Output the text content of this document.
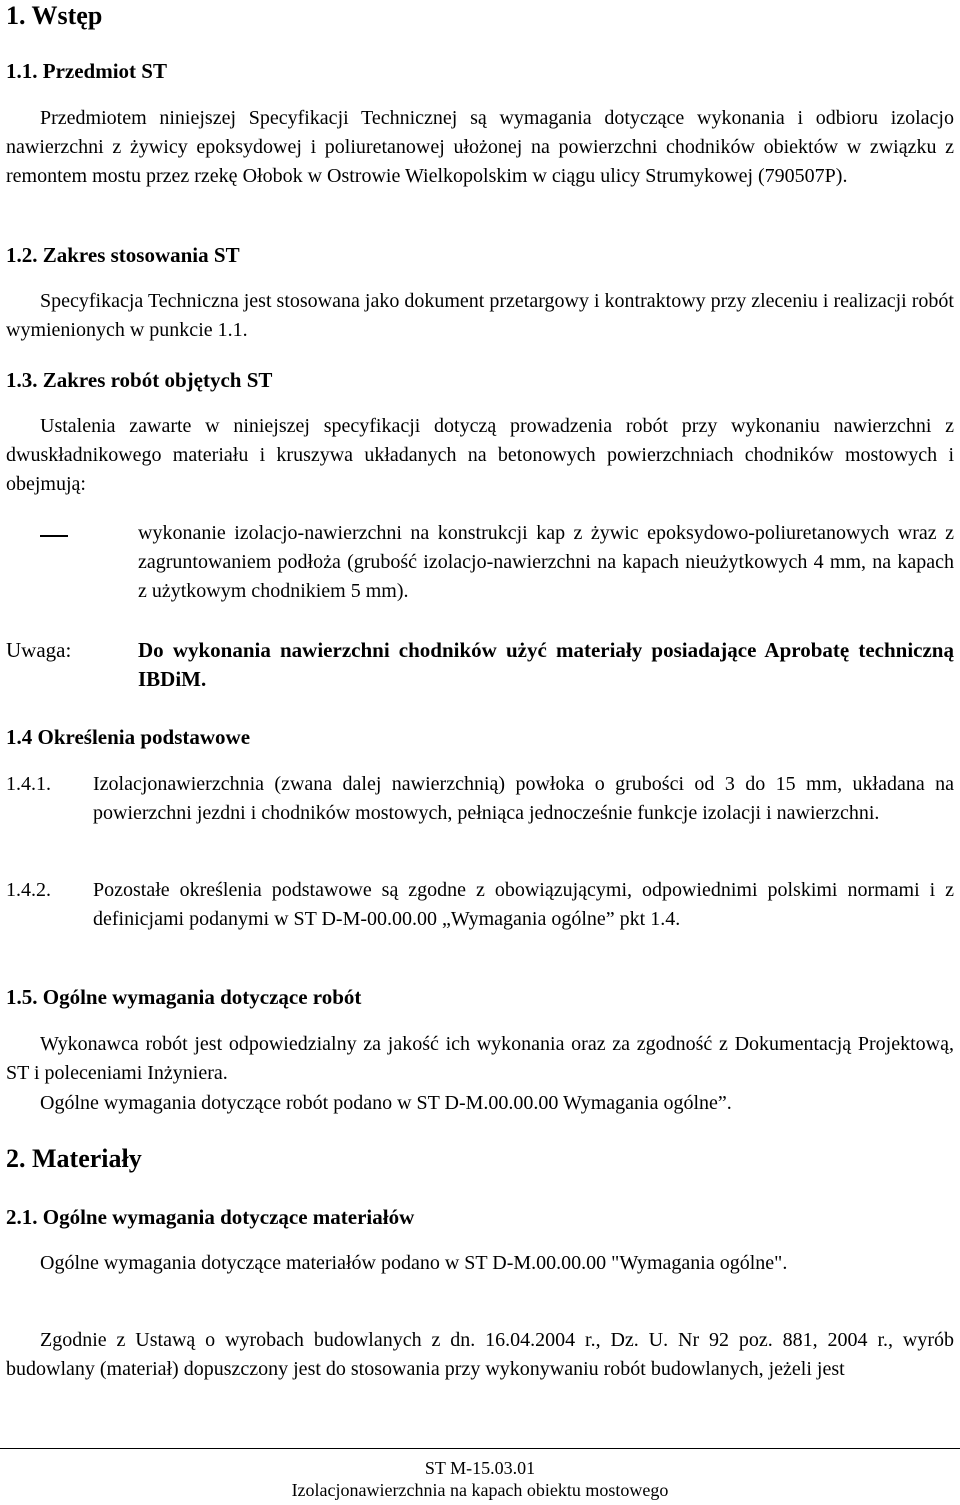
1. Wstęp
1.1. Przedmiot ST

Przedmiotem niniejszej Specyfikacji Technicznej są wymagania dotyczące wykonania i odbioru izolacjo nawierzchni z żywicy epoksydowej i poliuretanowej ułożonej na powierzchni chodników obiektów w związku z remontem mostu przez rzekę Ołobok w Ostrowie Wielkopolskim w ciągu ulicy Strumykowej (790507P).

1.2. Zakres stosowania ST

Specyfikacja Techniczna jest stosowana jako dokument przetargowy i kontraktowy przy zleceniu i realizacji robót wymienionych w punkcie 1.1.

1.3. Zakres robót objętych ST

Ustalenia zawarte w niniejszej specyfikacji dotyczą prowadzenia robót przy wykonaniu nawierzchni z dwuskładnikowego materiału i kruszywa układanych na betonowych powierzchniach chodników mostowych i obejmują:

wykonanie izolacjo-nawierzchni na konstrukcji kap z żywic epoksydowo-poliuretanowych wraz z zagruntowaniem podłoża (grubość izolacjo-nawierzchni na kapach nieużytkowych 4 mm, na kapach z użytkowym chodnikiem 5 mm).

Uwaga:	Do wykonania nawierzchni chodników użyć materiały posiadające Aprobatę techniczną IBDiM.

1.4 Określenia podstawowe
1.4.1. Izolacjonawierzchnia (zwana dalej nawierzchnią) powłoka o grubości od 3 do 15 mm, układana na powierzchni jezdni i chodników mostowych, pełniąca jednocześnie funkcje izolacji i nawierzchni.

1.4.2. Pozostałe określenia podstawowe są zgodne z obowiązującymi, odpowiednimi polskimi normami i z definicjami podanymi w ST D-M-00.00.00 „Wymagania ogólne” pkt 1.4.

1.5. Ogólne wymagania dotyczące robót

Wykonawca robót jest odpowiedzialny za jakość ich wykonania oraz za zgodność z Dokumentacją Projektową, ST i poleceniami Inżyniera.

Ogólne wymagania dotyczące robót podano w ST D-M.00.00.00 Wymagania ogólne”.

2. Materiały
2.1. Ogólne wymagania dotyczące materiałów

Ogólne wymagania dotyczące materiałów podano w ST D-M.00.00.00 "Wymagania ogólne".

Zgodnie z Ustawą o wyrobach budowlanych z dn. 16.04.2004 r., Dz. U. Nr 92 poz. 881, 2004 r., wyrób budowlany (materiał) dopuszczony jest do stosowania przy wykonywaniu robót budowlanych, jeżeli jest

ST M-15.03.01
Izolacjonawierzchnia na kapach obiektu mostowego
